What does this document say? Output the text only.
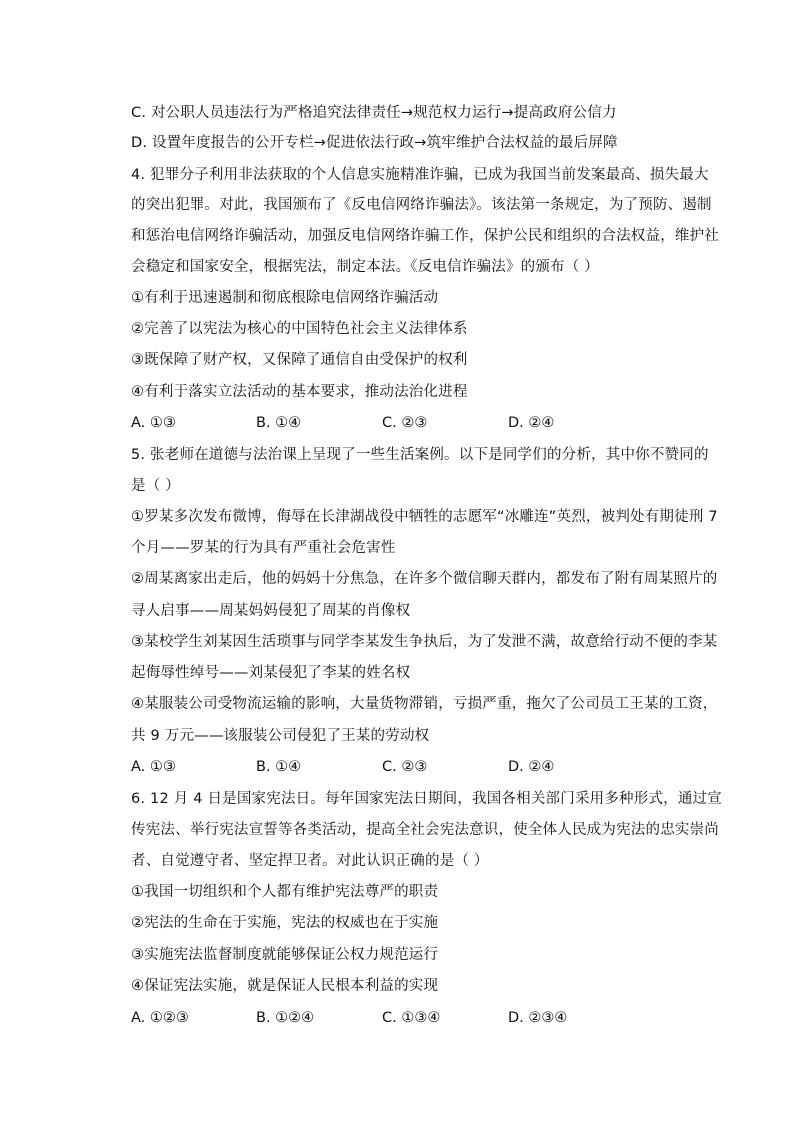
C. 对公职人员违法行为严格追究法律责任→规范权力运行→提高政府公信力
D. 设置年度报告的公开专栏→促进依法行政→筑牢维护合法权益的最后屏障
4. 犯罪分子利用非法获取的个人信息实施精准诈骗，已成为我国当前发案最高、损失最大
的突出犯罪。对此，我国颁布了《反电信网络诈骗法》。该法第一条规定，为了预防、遏制
和惩治电信网络诈骗活动，加强反电信网络诈骗工作，保护公民和组织的合法权益，维护社
会稳定和国家安全，根据宪法，制定本法。《反电信诈骗法》的颁布（ ）
①有利于迅速遏制和彻底根除电信网络诈骗活动
②完善了以宪法为核心的中国特色社会主义法律体系
③既保障了财产权，又保障了通信自由受保护的权利
④有利于落实立法活动的基本要求，推动法治化进程
A. ①③	B. ①④	C. ②③	D. ②④
5. 张老师在道德与法治课上呈现了一些生活案例。以下是同学们的分析，其中你不赞同的
是（ ）
①罗某多次发布微博，侮辱在长津湖战役中牺牲的志愿军“冰雕连”英烈，被判处有期徒刑 7
个月——罗某的行为具有严重社会危害性
②周某离家出走后，他的妈妈十分焦急，在许多个微信聊天群内，都发布了附有周某照片的
寻人启事——周某妈妈侵犯了周某的肖像权
③某校学生刘某因生活琐事与同学李某发生争执后，为了发泄不满，故意给行动不便的李某
起侮辱性绰号——刘某侵犯了李某的姓名权
④某服装公司受物流运输的影响，大量货物滞销，亏损严重，拖欠了公司员工王某的工资，
共 9 万元——该服装公司侵犯了王某的劳动权
A. ①③	B. ①④	C. ②③	D. ②④
6. 12 月 4 日是国家宪法日。每年国家宪法日期间，我国各相关部门采用多种形式，通过宣
传宪法、举行宪法宣誓等各类活动，提高全社会宪法意识，使全体人民成为宪法的忠实崇尚
者、自觉遵守者、坚定捍卫者。对此认识正确的是（ ）
①我国一切组织和个人都有维护宪法尊严的职责
②宪法的生命在于实施，宪法的权威也在于实施
③实施宪法监督制度就能够保证公权力规范运行
④保证宪法实施，就是保证人民根本利益的实现
A. ①②③	B. ①②④	C. ①③④	D. ②③④
